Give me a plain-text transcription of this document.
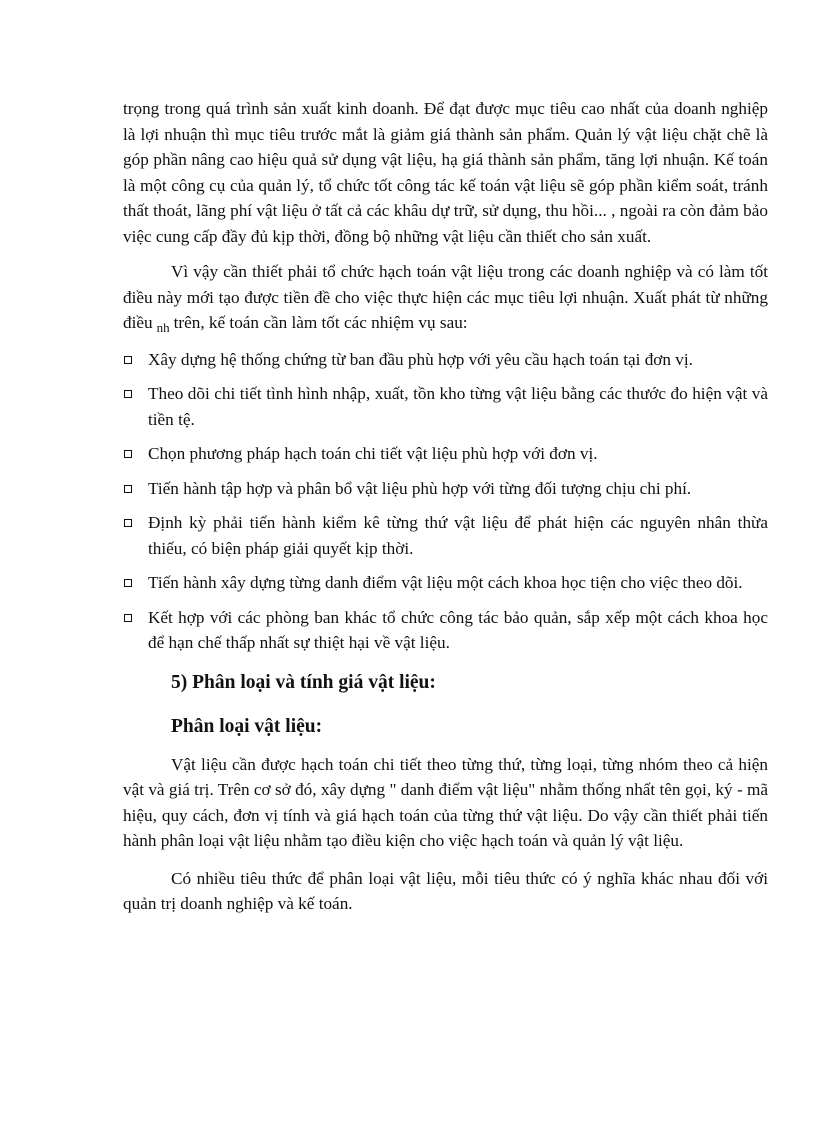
trọng trong quá trình sản xuất kinh doanh. Để đạt được mục tiêu cao nhất của doanh nghiệp là lợi nhuận thì mục tiêu trước mắt là giảm giá thành sản phẩm. Quản lý vật liệu chặt chẽ là góp phần nâng cao hiệu quả sử dụng vật liệu, hạ giá thành sản phẩm, tăng lợi nhuận. Kế toán là một công cụ của quản lý, tổ chức tốt công tác kế toán vật liệu sẽ góp phần kiểm soát, tránh thất thoát, lãng phí vật liệu ở tất cả các khâu dự trữ, sử dụng, thu hồi... , ngoài ra còn đảm bảo việc cung cấp đầy đủ kịp thời, đồng bộ những vật liệu cần thiết cho sản xuất.

Vì vậy cần thiết phải tổ chức hạch toán vật liệu trong các doanh nghiệp và có làm tốt điều này mới tạo được tiền đề cho việc thực hiện các mục tiêu lợi nhuận. Xuất phát từ những điều $_{nh}$ trên, kế toán cần làm tốt các nhiệm vụ sau:

Xây dựng hệ thống chứng từ ban đầu phù hợp với yêu cầu hạch toán tại đơn vị.
Theo dõi chi tiết tình hình nhập, xuất, tồn kho từng vật liệu bằng các thước đo hiện vật và tiền tệ.
Chọn phương pháp hạch toán chi tiết vật liệu phù hợp với đơn vị.
Tiến hành tập hợp và phân bổ vật liệu phù hợp với từng đối tượng chịu chi phí.
Định kỳ phải tiến hành kiểm kê từng thứ vật liệu để phát hiện các nguyên nhân thừa thiếu, có biện pháp giải quyết kịp thời.
Tiến hành xây dựng từng danh điểm vật liệu một cách khoa học tiện cho việc theo dõi.
Kết hợp với các phòng ban khác tổ chức công tác bảo quản, sắp xếp một cách khoa học để hạn chế thấp nhất sự thiệt hại về vật liệu.
5) Phân loại và tính giá vật liệu:
Phân loại vật liệu:

Vật liệu cần được hạch toán chi tiết theo từng thứ, từng loại, từng nhóm theo cả hiện vật và giá trị. Trên cơ sở đó, xây dựng " danh điểm vật liệu" nhằm thống nhất tên gọi, ký - mã hiệu, quy cách, đơn vị tính và giá hạch toán của từng thứ vật liệu. Do vậy cần thiết phải tiến hành phân loại vật liệu nhằm tạo điều kiện cho việc hạch toán và quản lý vật liệu.

Có nhiều tiêu thức để phân loại vật liệu, mỗi tiêu thức có ý nghĩa khác nhau đối với quản trị doanh nghiệp và kế toán.
